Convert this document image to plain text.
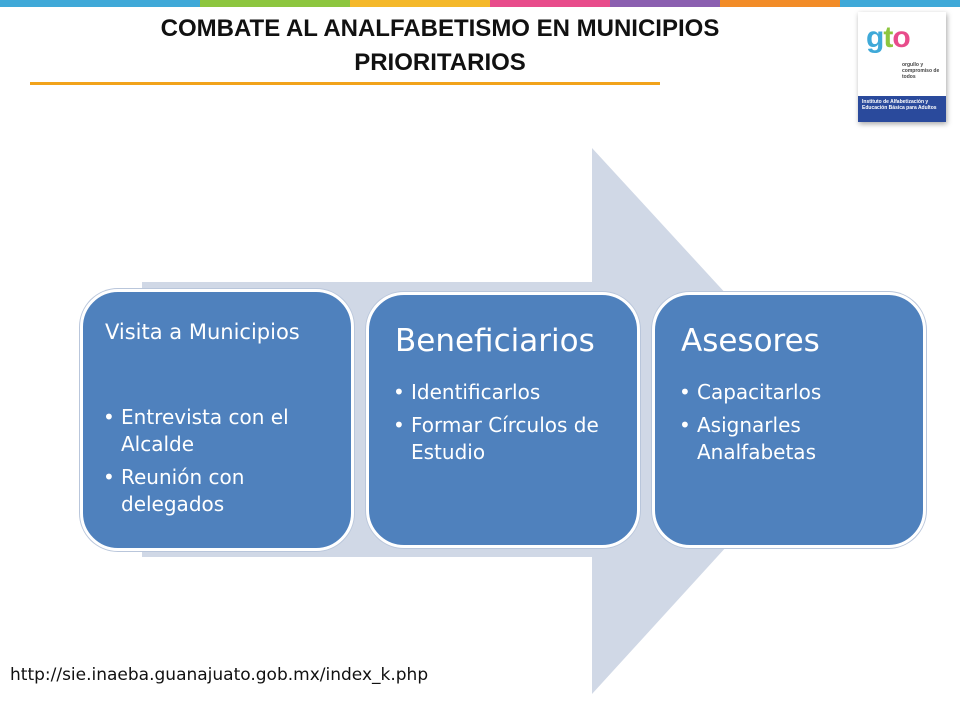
COMBATE AL ANALFABETISMO EN MUNICIPIOS
PRIORITARIOS
gto
orgullo y compromiso de todos
Instituto de Alfabetización y Educación Básica para Adultos
Visita a Municipios
• Entrevista con el Alcalde
• Reunión con delegados
Beneficiarios
• Identificarlos
• Formar Círculos de Estudio
Asesores
• Capacitarlos
• Asignarles Analfabetas
http://sie.inaeba.guanajuato.gob.mx/index_k.php
